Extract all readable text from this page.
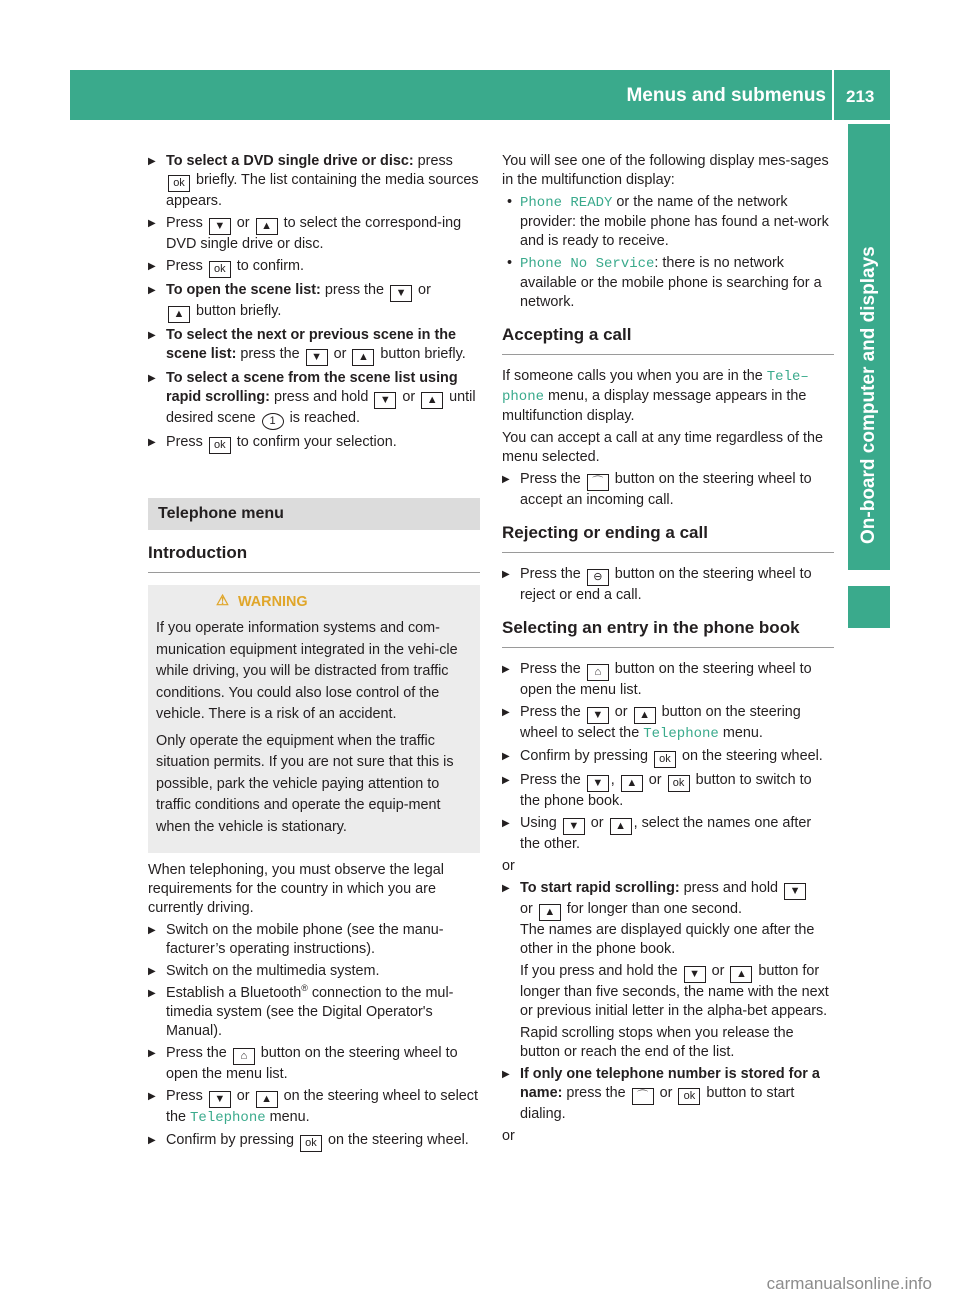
Menus and submenus 213
On-board computer and displays
▶ To select a DVD single drive or disc: press
ok briefly. The list containing the media sources appears.
▶ Press ▼ or ▲ to select the correspond-ing DVD single drive or disc.
▶ Press ok to confirm.
▶ To open the scene list: press the ▼ or
▲ button briefly.
▶ To select the next or previous scene in the scene list: press the ▼ or ▲ button briefly.
▶ To select a scene from the scene list using rapid scrolling: press and hold ▼ or ▲ until desired scene 1 is reached.
▶ Press ok to confirm your selection.
Telephone menu
Introduction
⚠ WARNING

If you operate information systems and com-munication equipment integrated in the vehi-cle while driving, you will be distracted from traffic conditions. You could also lose control of the vehicle. There is a risk of an accident.

Only operate the equipment when the traffic situation permits. If you are not sure that this is possible, park the vehicle paying attention to traffic conditions and operate the equip-ment when the vehicle is stationary.

When telephoning, you must observe the legal requirements for the country in which you are currently driving.

▶ Switch on the mobile phone (see the manu-facturer’s operating instructions).
▶ Switch on the multimedia system.
▶ Establish a Bluetooth® connection to the mul-timedia system (see the Digital Operator's Manual).
▶ Press the ⌂ button on the steering wheel to open the menu list.
▶ Press ▼ or ▲ on the steering wheel to select the Telephone menu.
▶ Confirm by pressing ok on the steering wheel.

You will see one of the following display mes-sages in the multifunction display:

• Phone READY or the name of the network provider: the mobile phone has found a net-work and is ready to receive.
• Phone No Service: there is no network available or the mobile phone is searching for a network.
Accepting a call

If someone calls you when you are in the Tele–phone menu, a display message appears in the multifunction display.

You can accept a call at any time regardless of the menu selected.

▶ Press the ⌒ button on the steering wheel to accept an incoming call.
Rejecting or ending a call
▶ Press the ⊖ button on the steering wheel to reject or end a call.
Selecting an entry in the phone book
▶ Press the ⌂ button on the steering wheel to open the menu list.
▶ Press the ▼ or ▲ button on the steering wheel to select the Telephone menu.
▶ Confirm by pressing ok on the steering wheel.
▶ Press the ▼ , ▲ or ok button to switch to the phone book.
▶ Using ▼ or ▲ , select the names one after the other.

or

▶ To start rapid scrolling: press and hold ▼
or ▲ for longer than one second.
The names are displayed quickly one after the other in the phone book.
If you press and hold the ▼ or ▲ button for longer than five seconds, the name with the next or previous initial letter in the alpha-bet appears.
Rapid scrolling stops when you release the button or reach the end of the list.
▶ If only one telephone number is stored for a name: press the ⌒ or ok button to start dialing.

or

carmanualsonline.info
